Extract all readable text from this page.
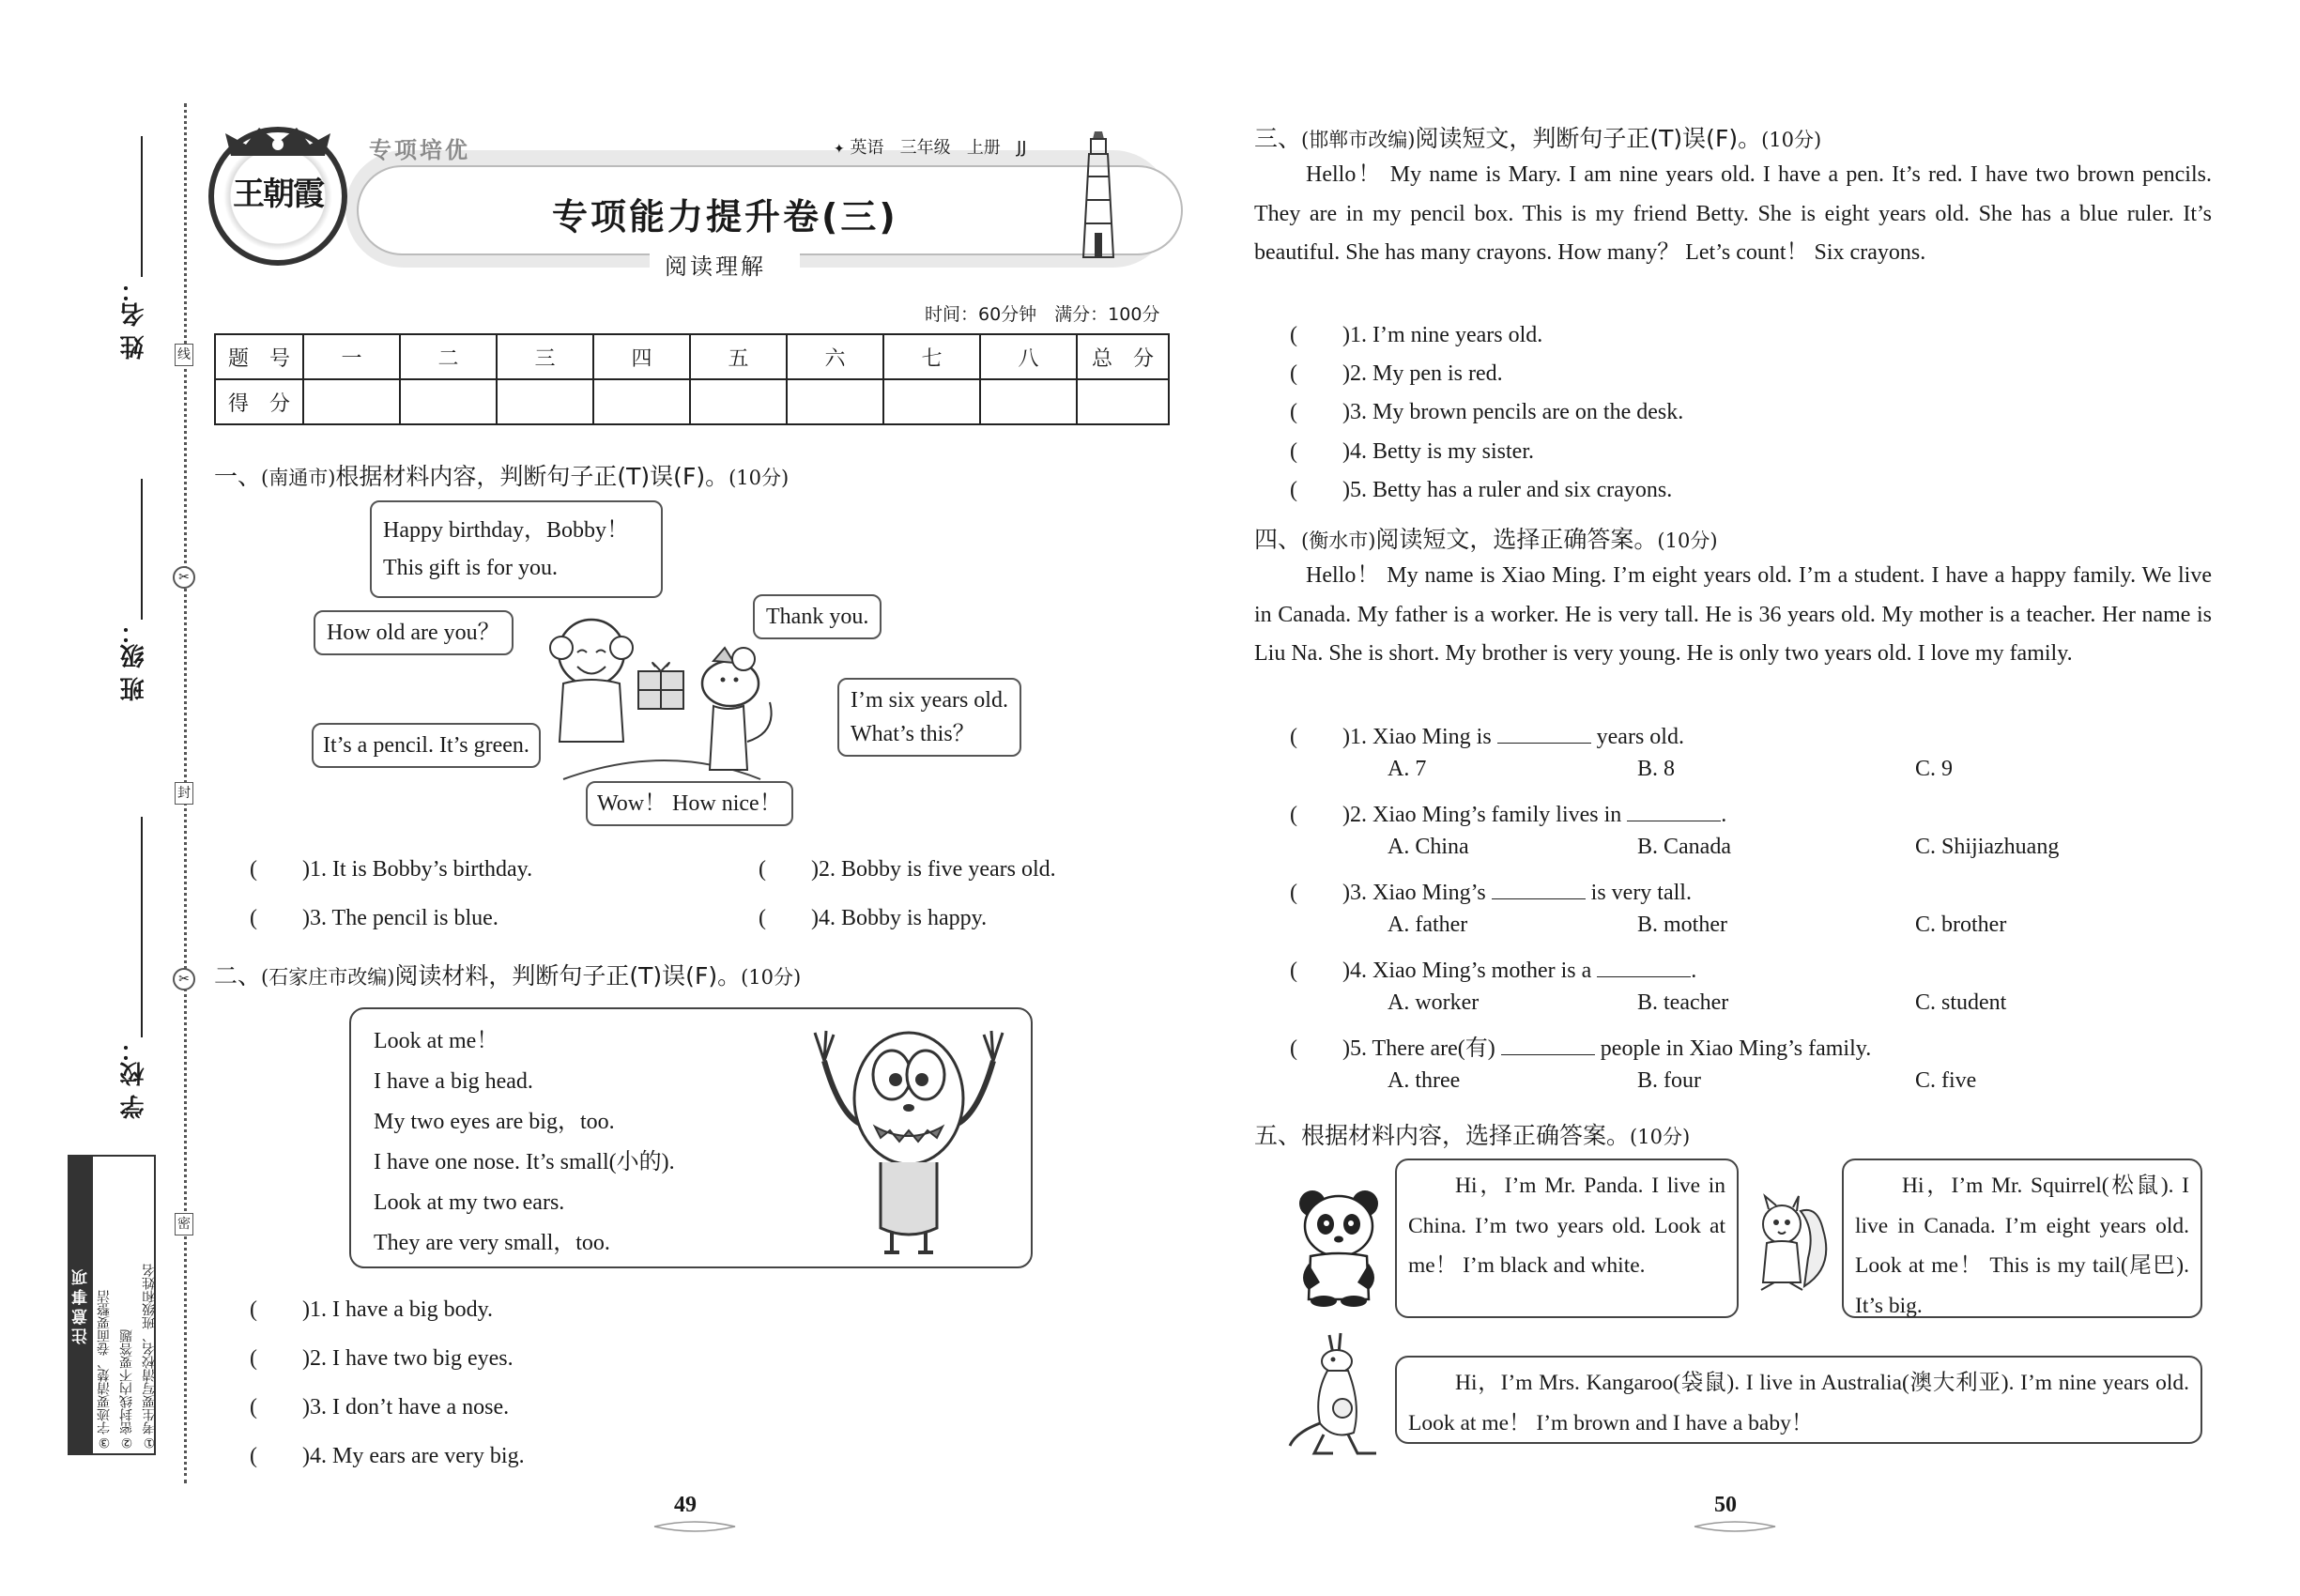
姓 名：
班 级：
学 校：
线
✂
封
✂
密
注意事项	①考生要写清校名、班级和姓名
②密封线内不要答题
③字迹要清楚、卷面要整洁
王朝霞
专项培优	✦ 英语 三年级 上册 JJ
专项能力提升卷(三)
阅读理解
时间：60分钟　满分：100分
题　号	一	二	三	四	五	六	七	八	总　分
得　分									
一、(南通市)根据材料内容，判断句子正(T)误(F)。(10分)

Happy birthday，Bobby！

This gift is for you.

How old are you？
Thank you.

I’m six years old.

What’s this？

It’s a pencil. It’s green.
Wow！ How nice！
(　　)1. It is Bobby’s birthday.	(　　)2. Bobby is five years old.
(　　)3. The pencil is blue.	(　　)4. Bobby is happy.
二、(石家庄市改编)阅读材料，判断句子正(T)误(F)。(10分)
Look at me！
I have a big head.
My two eyes are big，too.
I have one nose. It’s small(小的).
Look at my two ears.
They are very small，too.
(　　)1. I have a big body.
(　　)2. I have two big eyes.
(　　)3. I don’t have a nose.
(　　)4. My ears are very big.
49
三、(邯郸市改编)阅读短文，判断句子正(T)误(F)。(10分)
Hello！ My name is Mary. I am nine years old. I have a pen. It’s red. I have two brown pencils. They are in my pencil box. This is my friend Betty. She is eight years old. She has a blue ruler. It’s beautiful. She has many crayons. How many？ Let’s count！ Six crayons.
(　　)1. I’m nine years old.
(　　)2. My pen is red.
(　　)3. My brown pencils are on the desk.
(　　)4. Betty is my sister.
(　　)5. Betty has a ruler and six crayons.
四、(衡水市)阅读短文，选择正确答案。(10分)
Hello！ My name is Xiao Ming. I’m eight years old. I’m a student. I have a happy family. We live in Canada. My father is a worker. He is very tall. He is 36 years old. My mother is a teacher. Her name is Liu Na. She is short. My brother is very young. He is only two years old. I love my family.
(　　)1. Xiao Ming is	years old.
A. 7	B. 8	C. 9
(　　)2. Xiao Ming’s family lives in	.
A. China	B. Canada	C. Shijiazhuang
(　　)3. Xiao Ming’s	is very tall.
A. father	B. mother	C. brother
(　　)4. Xiao Ming’s mother is a	.
A. worker	B. teacher	C. student
(　　)5. There are(有)	people in Xiao Ming’s family.
A. three	B. four	C. five
五、根据材料内容，选择正确答案。(10分)
Hi，I’m Mr. Panda. I live in China. I’m two years old. Look at me！ I’m black and white.
Hi，I’m Mr. Squirrel(松鼠). I live in Canada. I’m eight years old. Look at me！ This is my tail(尾巴). It’s big.
Hi，I’m Mrs. Kangaroo(袋鼠). I live in Australia(澳大利亚). I’m nine years old. Look at me！ I’m brown and I have a baby！
50
